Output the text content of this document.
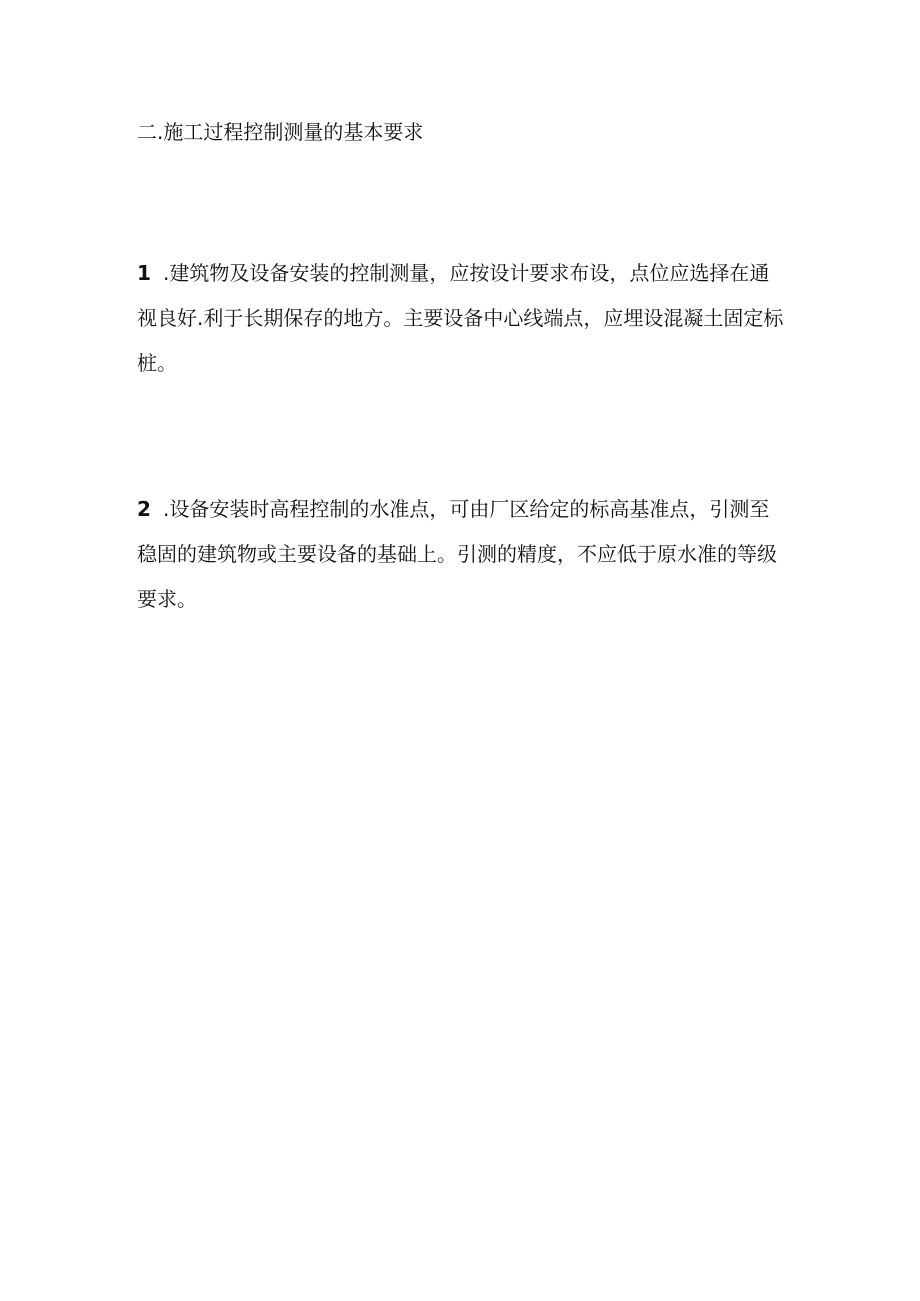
二.施工过程控制测量的基本要求
1 .建筑物及设备安装的控制测量，应按设计要求布设，点位应选择在通
视良好.利于长期保存的地方。主要设备中心线端点，应埋设混凝土固定标
桩。
2 .设备安装时高程控制的水准点，可由厂区给定的标高基准点，引测至
稳固的建筑物或主要设备的基础上。引测的精度，不应低于原水准的等级
要求。
